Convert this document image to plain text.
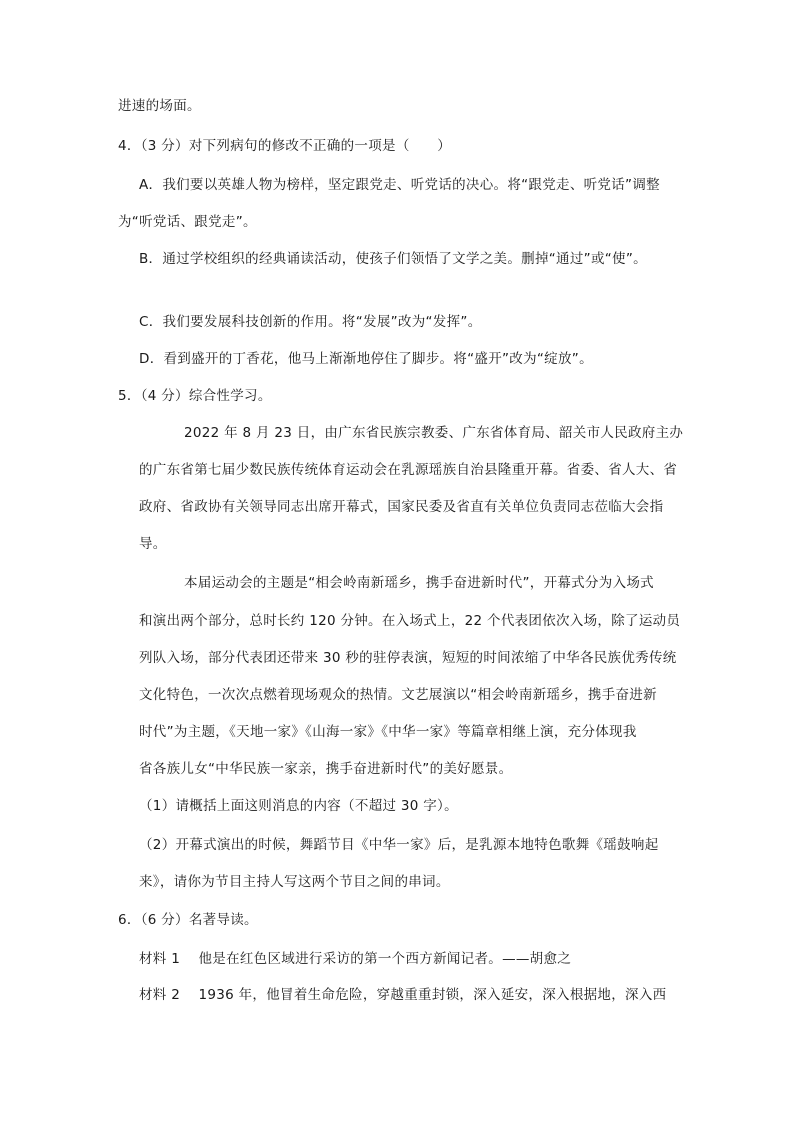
进速的场面。
4．（3 分）对下列病句的修改不正确的一项是（　　）
A．我们要以英雄人物为榜样，坚定跟党走、听党话的决心。将“跟党走、听党话”调整
为“听党话、跟党走”。
B．通过学校组织的经典诵读活动，使孩子们领悟了文学之美。删掉“通过”或“使”。
C．我们要发展科技创新的作用。将“发展”改为“发挥”。
D．看到盛开的丁香花，他马上渐渐地停住了脚步。将“盛开”改为“绽放”。
5．（4 分）综合性学习。
2022 年 8 月 23 日，由广东省民族宗教委、广东省体育局、韶关市人民政府主办
的广东省第七届少数民族传统体育运动会在乳源瑶族自治县隆重开幕。省委、省人大、省
政府、省政协有关领导同志出席开幕式，国家民委及省直有关单位负责同志莅临大会指
导。
本届运动会的主题是“相会岭南新瑶乡，携手奋进新时代”，开幕式分为入场式
和演出两个部分，总时长约 120 分钟。在入场式上，22 个代表团依次入场，除了运动员
列队入场，部分代表团还带来 30 秒的驻停表演，短短的时间浓缩了中华各民族优秀传统
文化特色，一次次点燃着现场观众的热情。文艺展演以“相会岭南新瑶乡，携手奋进新
时代”为主题，《天地一家》《山海一家》《中华一家》等篇章相继上演，充分体现我
省各族儿女“中华民族一家亲，携手奋进新时代”的美好愿景。
（1）请概括上面这则消息的内容（不超过 30 字）。
（2）开幕式演出的时候，舞蹈节目《中华一家》后，是乳源本地特色歌舞《瑶鼓响起
来》，请你为节目主持人写这两个节目之间的串词。
6．（6 分）名著导读。
材料 1　 他是在红色区域进行采访的第一个西方新闻记者。——胡愈之
材料 2　 1936 年，他冒着生命危险，穿越重重封锁，深入延安，深入根据地，深入西
